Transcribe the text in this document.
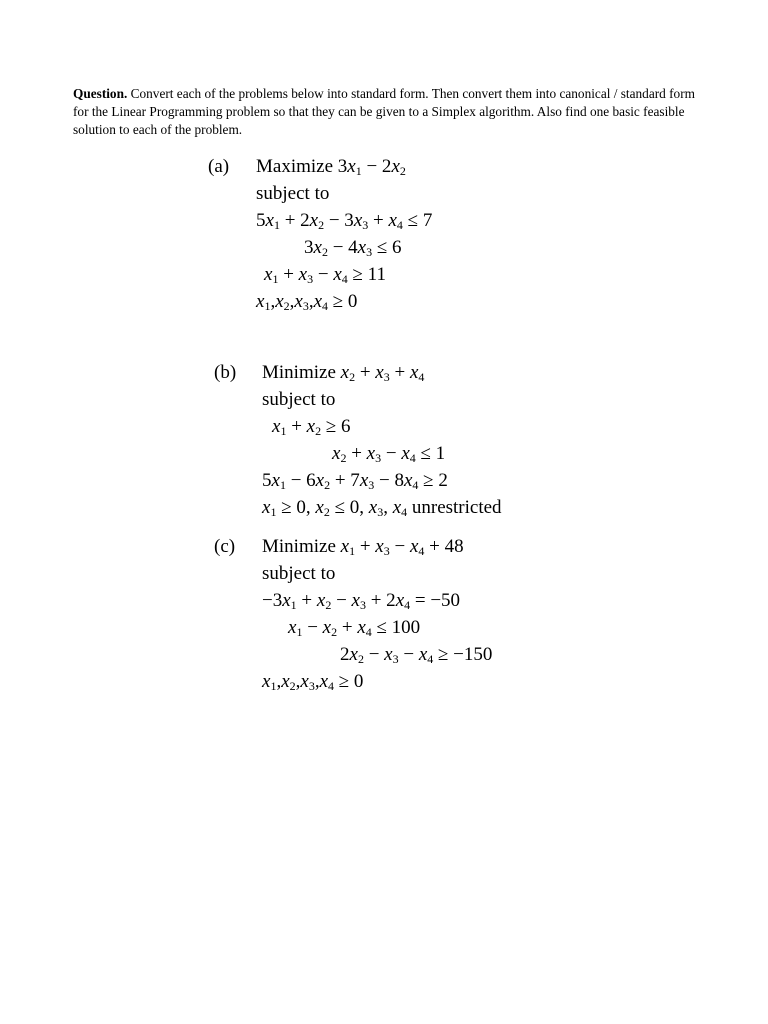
Question. Convert each of the problems below into standard form. Then convert them into canonical / standard form for the Linear Programming problem so that they can be given to a Simplex algorithm. Also find one basic feasible solution to each of the problem.
(a) Maximize $3x_1 - 2x_2$
subject to
$5x_1 + 2x_2 - 3x_3 + x_4 \le 7$
$3x_2 - 4x_3 \le 6$
$x_1 + x_3 - x_4 \ge 11$
$x_1,x_2,x_3,x_4 \ge 0$
(b) Minimize $x_2 + x_3 + x_4$
subject to
$x_1 + x_2 \ge 6$
$x_2 + x_3 - x_4 \le 1$
$5x_1 - 6x_2 + 7x_3 - 8x_4 \ge 2$
$x_1 \ge 0$, $x_2 \le 0$, $x_3$, $x_4$ unrestricted
(c) Minimize $x_1 + x_3 - x_4 + 48$
subject to
$-3x_1 + x_2 - x_3 + 2x_4 = -50$
$x_1 - x_2 + x_4 \le 100$
$2x_2 - x_3 - x_4 \ge -150$
$x_1,x_2,x_3,x_4 \ge 0$
